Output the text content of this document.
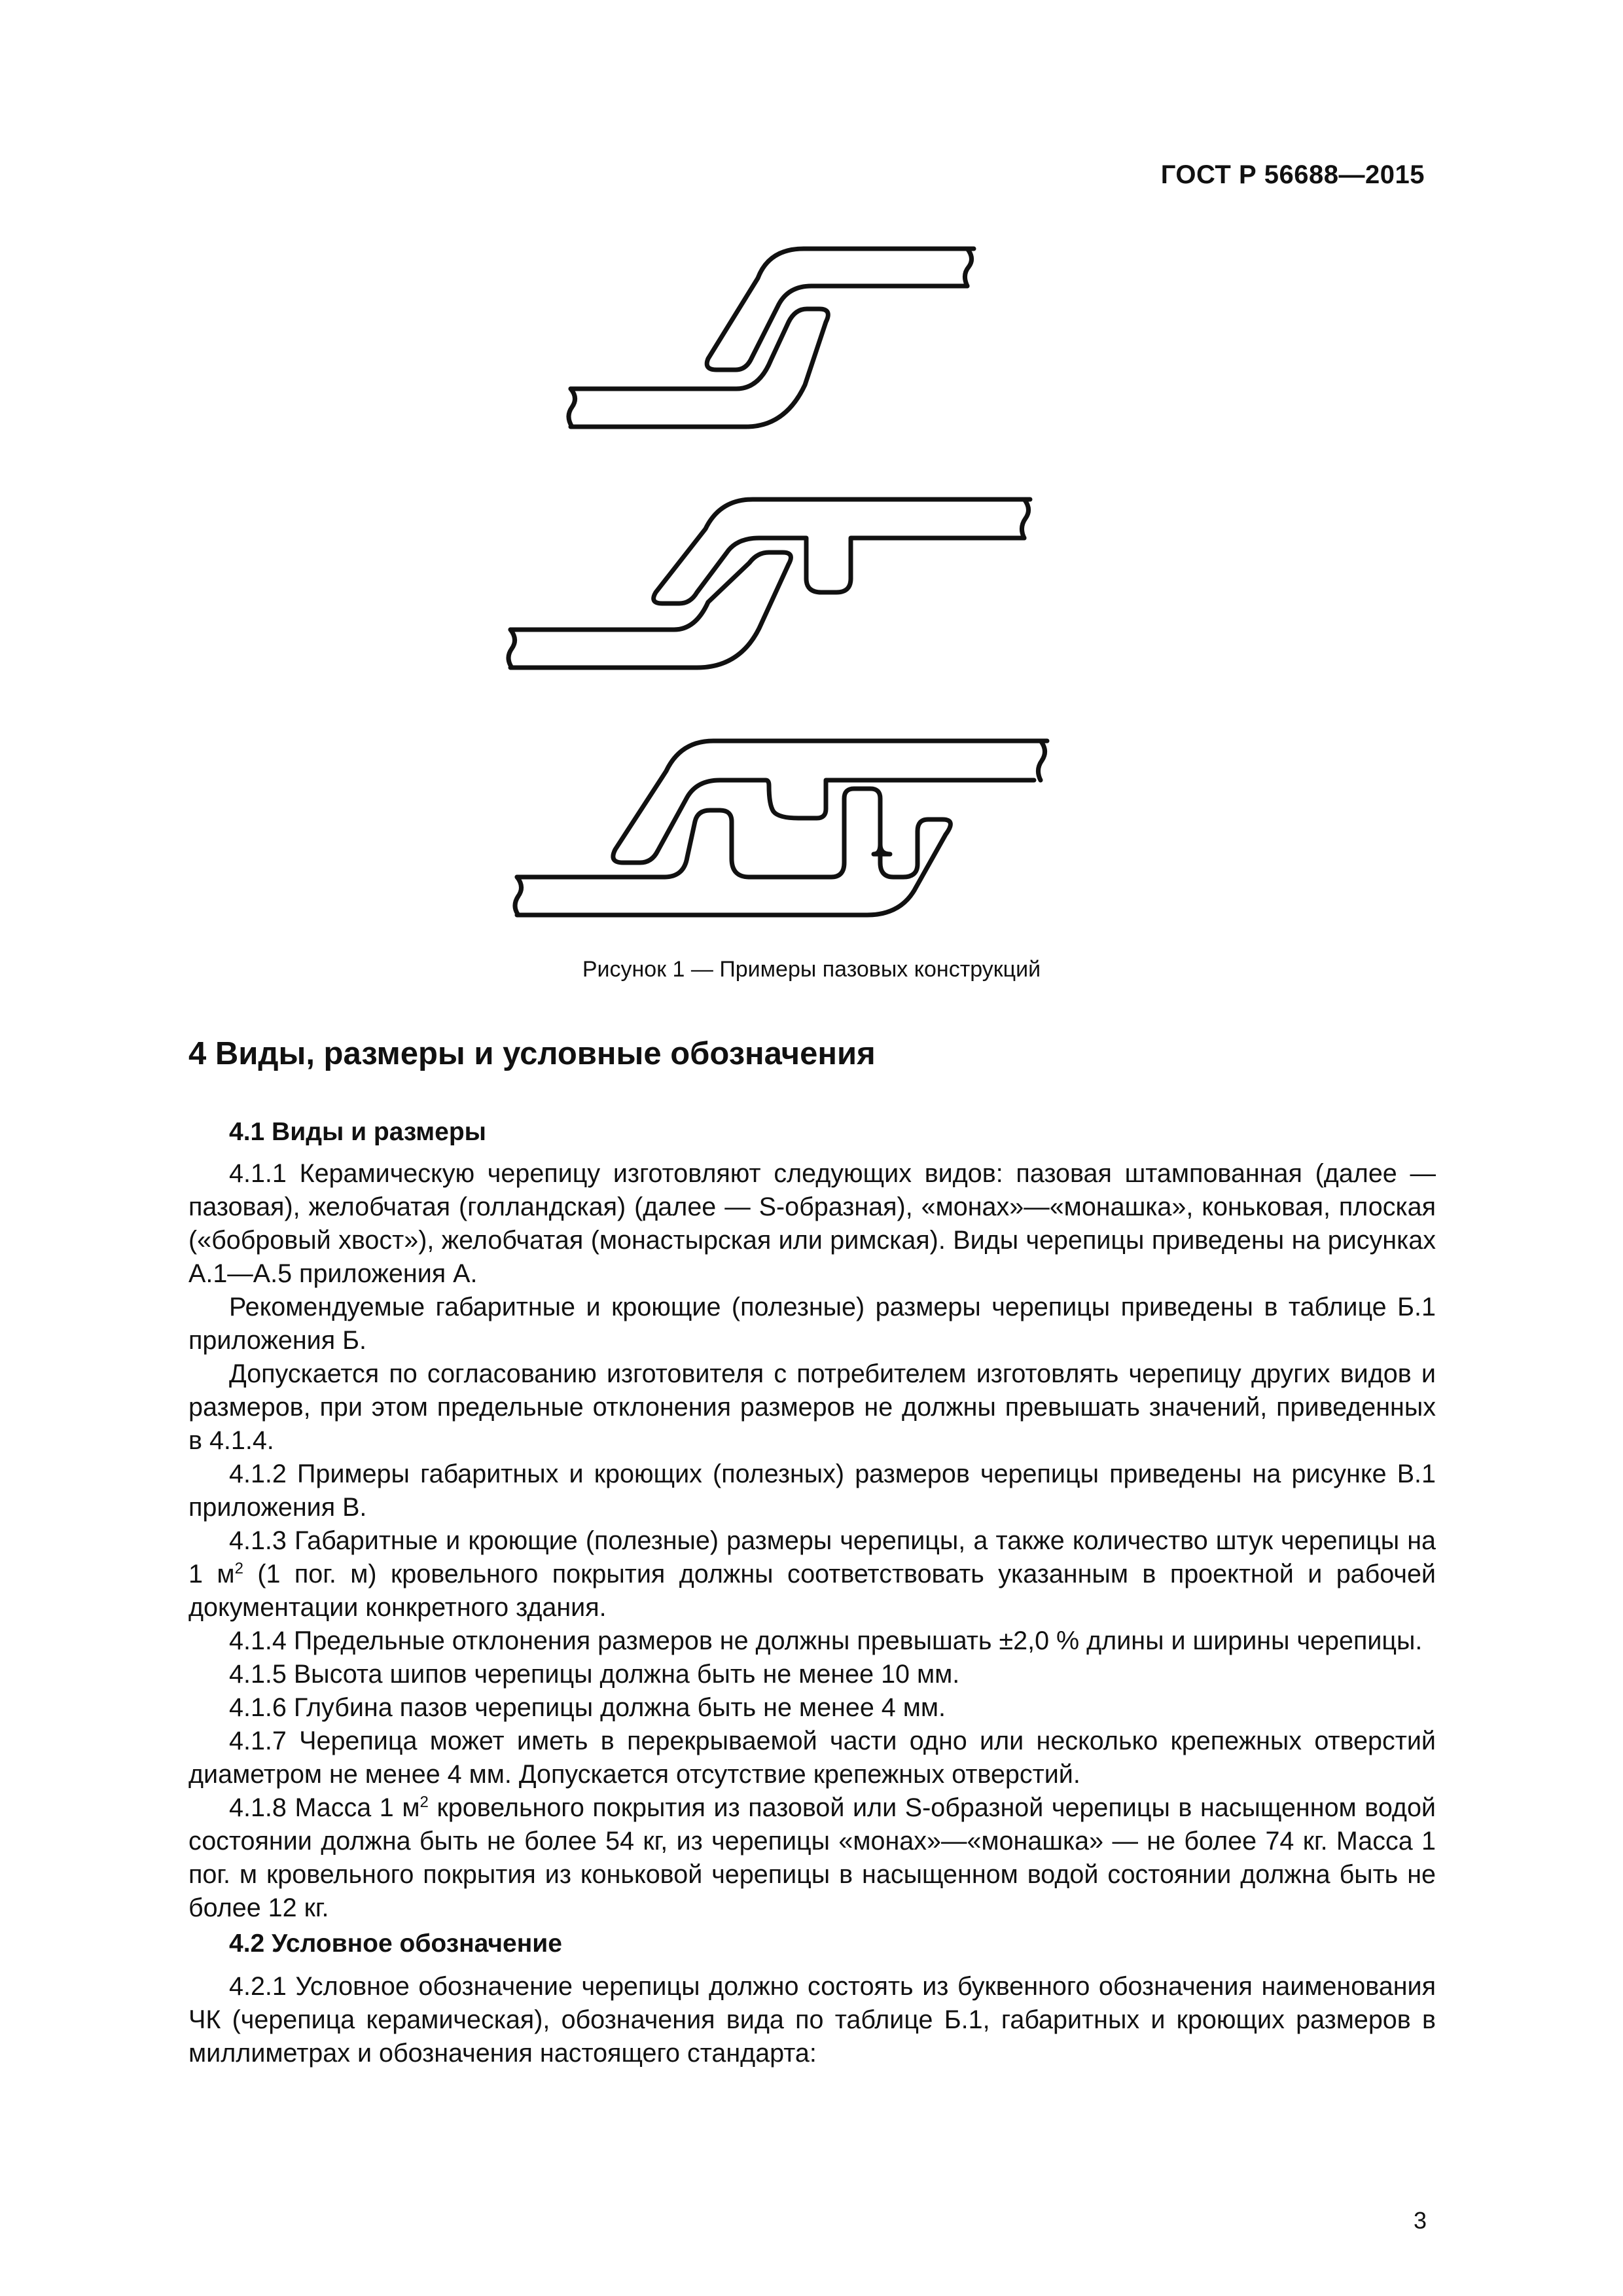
ГОСТ Р 56688—2015
Рисунок 1 — Примеры пазовых конструкций
4 Виды, размеры и условные обозначения
4.1 Виды и размеры

4.1.1 Керамическую черепицу изготовляют следующих видов: пазовая штампованная (далее — пазовая), желобчатая (голландская) (далее — S-образная), «монах»—«монашка», коньковая, плоская («бобровый хвост»), желобчатая (монастырская или римская). Виды черепицы приведены на рисунках А.1—А.5 приложения А.

Рекомендуемые габаритные и кроющие (полезные) размеры черепицы приведены в таблице Б.1 приложения Б.

Допускается по согласованию изготовителя с потребителем изготовлять черепицу других видов и размеров, при этом предельные отклонения размеров не должны превышать значений, приведенных в 4.1.4.

4.1.2 Примеры габаритных и кроющих (полезных) размеров черепицы приведены на рисунке В.1 приложения В.

4.1.3 Габаритные и кроющие (полезные) размеры черепицы, а также количество штук черепицы на 1 $м^2$ (1 пог. м) кровельного покрытия должны соответствовать указанным в проектной и рабочей документации конкретного здания.

4.1.4 Предельные отклонения размеров не должны превышать ±2,0 % длины и ширины черепицы.

4.1.5 Высота шипов черепицы должна быть не менее 10 мм.

4.1.6 Глубина пазов черепицы должна быть не менее 4 мм.

4.1.7 Черепица может иметь в перекрываемой части одно или несколько крепежных отверстий диаметром не менее 4 мм. Допускается отсутствие крепежных отверстий.

4.1.8 Масса 1 $м^2$ кровельного покрытия из пазовой или S-образной черепицы в насыщенном водой состоянии должна быть не более 54 кг, из черепицы «монах»—«монашка» — не более 74 кг. Масса 1 пог. м кровельного покрытия из коньковой черепицы в насыщенном водой состоянии должна быть не более 12 кг.

4.2 Условное обозначение

4.2.1 Условное обозначение черепицы должно состоять из буквенного обозначения наименования ЧК (черепица керамическая), обозначения вида по таблице Б.1, габаритных и кроющих размеров в миллиметрах и обозначения настоящего стандарта:

3
